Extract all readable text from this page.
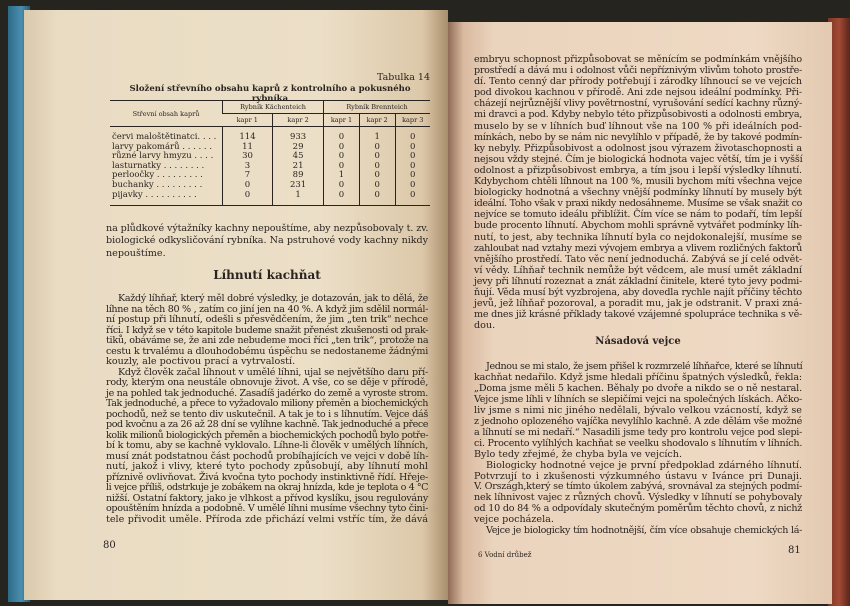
Tabulka 14
Složení střevního obsahu kaprů z kontrolního a pokusného rybníka
Střevní obsah kaprů	Rybník Kächentеich		Rybník Brenntеich		
	kapr 1	kapr 2	kapr 1	kapr 2	kapr 3
červi maloštětinatci. . . .	114	933	0	1	0
larvy pakomárů . . . . . .	11	29	0	0	0
různé larvy hmyzu . . . .	30	45	0	0	0
lasturnatky . . . . . . . .	3	21	0	0	0
perloočky . . . . . . . . .	7	89	1	0	0
buchanky . . . . . . . . .	0	231	0	0	0
pijavky . . . . . . . . . .	0	1	0	0	0
na plůdkové výtažníky kachny nepouštíme, aby nezpůsobovaly t. zv.
biologické odkysličování rybníka. Na pstruhové vody kachny nikdy
nepouštíme.
Líhnutí kachňat
Každý líhňař, který měl dobré výsledky, je dotazován, jak to dělá, že
líhne na těch 80 % , zatím co jiní jen na 40 %. A když jim sdělil normál-
ní postup při líhnutí, odešli s přesvědčením, že jim „ten trik“ nechce
říci. I když se v této kapitole budeme snažit přenést zkušenosti od prak-
tiků, obáváme se, že ani zde nebudeme moci říci „ten trik“, protože na
cestu k trvalému a dlouhodobému úspěchu se nedostaneme žádnými
kouzly, ale poctivou prací a vytrvalostí.
Když člověk začal líhnout v umělé líhni, ujal se největšího daru pří-
rody, kterým ona neustále obnovuje život. A vše, co se děje v přírodě,
je na pohled tak jednoduché. Zasadíš jadérko do země a vyroste strom.
Tak jednoduché, a přece to vyžadovalo miliony přeměn a biochemických
pochodů, než se tento div uskutečnil. A tak je to i s líhnutím. Vejce dáš
pod kvočnu a za 26 až 28 dní se vylíhne kachně. Tak jednoduché a přece
kolik milionů biologických přeměn a biochemických pochodů bylo potře-
bí k tomu, aby se kachně vyklovalo. Líhne-li člověk v umělých líhních,
musí znát podstatnou část pochodů probíhajících ve vejci v době líh-
nutí, jakož i vlivy, které tyto pochody způsobují, aby líhnutí mohl
příznivě ovlivňovat. Živá kvočna tyto pochody instinktivně řídí. Hřeje-
li vejce příliš, odstrkuje je zobákem na okraj hnízda, kde je teplota o 4 °C
nižší. Ostatní faktory, jako je vlhkost a přívod kyslíku, jsou regulovány
opouštěním hnízda a podobně. V umělé líhni musíme všechny tyto čini-
tele přivodit uměle. Příroda zde přichází velmi vstříc tím, že dává
80
embryu schopnost přizpůsobovat se měnícím se podmínkám vnějšího
prostředí a dává mu i odolnost vůči nepříznivým vlivům tohoto prostře-
dí. Tento cenný dar přírody potřebují i zárodky líhnoucí se ve vejcích
pod divokou kachnou v přírodě. Ani zde nejsou ideální podmínky. Při-
cházejí nejrůznější vlivy povětrnostní, vyrušování sedící kachny různý-
mi dravci a pod. Kdyby nebylo této přizpůsobivosti a odolnosti embrya,
muselo by se v líhních buď líhnout vše na 100 % při ideálních pod-
mínkách, nebo by se nám nic nevylíhlo v případě, že by takové podmín-
ky nebyly. Přizpůsobivost a odolnost jsou výrazem životaschopnosti a
nejsou vždy stejné. Čím je biologická hodnota vajec větší, tím je i vyšší
odolnost a přizpůsobivost embrya, a tím jsou i lepší výsledky líhnutí.
Kdybychom chtěli líhnout na 100 %, musili bychom míti všechna vejce
biologicky hodnotná a všechny vnější podmínky líhnutí by musely být
ideální. Toho však v praxi nikdy nedosáhneme. Musíme se však snažit co
nejvíce se tomuto ideálu přiblížit. Čím více se nám to podaří, tím lepší
bude procento líhnutí. Abychom mohli správně vytvářet podmínky líh-
nutí, to jest, aby technika líhnutí byla co nejdokonalejší, musíme se
zahloubat nad vztahy mezi vývojem embrya a vlivem rozličných faktorů
vnějšího prostředí. Tato věc není jednoduchá. Zabývá se jí celé odvět-
ví vědy. Líhňař technik nemůže být vědcem, ale musí umět základní
jevy při líhnutí rozeznat a znát základní činitele, které tyto jevy podmi-
ňují. Věda musí být vyzbrojena, aby dovedla rychle najít příčiny těchto
jevů, jež líhňař pozoroval, a poradit mu, jak je odstranit. V praxi zná-
me dnes již krásné příklady takové vzájemné spolupráce technika s vě-
dou.
Násadová vejce
Jednou se mi stalo, že jsem přišel k rozmrzelé líhňařce, které se líhnutí
kachňat nedařilo. Když jsme hledali příčinu špatných výsledků, řekla:
„Doma jsme měli 5 kachen. Běhaly po dvoře a nikdo se o ně nestaral.
Vejce jsme líhli v líhních se slepičími vejci na společných lískách. Ačko-
liv jsme s nimi nic jiného nedělali, bývalo velkou vzácností, když se
z jednoho oplozeného vajíčka nevylíhlo kachně. A zde dělám vše možné
a líhnutí se mi nedaří.“ Nasadili jsme tedy pro kontrolu vejce pod slepi-
ci. Procento vylíhlých kachňat se veelku shodovalo s líhnutím v líhních.
Bylo tedy zřejmé, že chyba byla ve vejcích.
Biologicky hodnotné vejce je první předpoklad zdárného líhnutí.
Potvrzují to i zkušenosti výzkumného ústavu v Ivánce pri Dunaji.
V. Országh,který se tímto úkolem zabývá, srovnával za stejných podmí-
nek líhnivost vajec z různých chovů. Výsledky v líhnutí se pohybovaly
od 10 do 84 % a odpovídaly skutečným poměrům těchto chovů, z nichž
vejce pocházela.
Vejce je biologicky tím hodnotnější, čím více obsahuje chemických lá-
6 Vodní drůbež	81
